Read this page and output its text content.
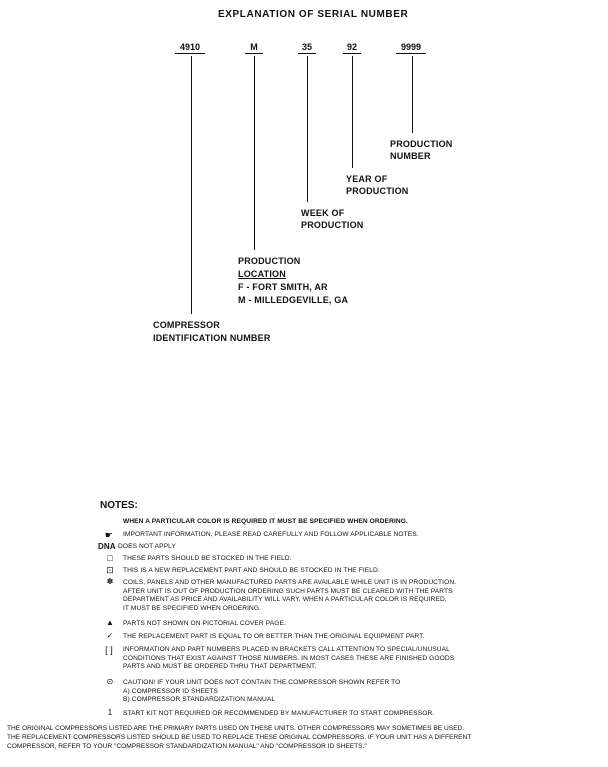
EXPLANATION OF SERIAL NUMBER
4910	M	35	92	9999
PRODUCTION
NUMBER
YEAR OF
PRODUCTION
WEEK OF
PRODUCTION
PRODUCTION
LOCATION
F - FORT SMITH, AR
M - MILLEDGEVILLE, GA
COMPRESSOR
IDENTIFICATION NUMBER
NOTES:
WHEN A PARTICULAR COLOR IS REQUIRED IT MUST BE SPECIFIED WHEN ORDERING.
☛ IMPORTANT INFORMATION, PLEASE READ CAREFULLY AND FOLLOW APPLICABLE NOTES.
DNA DOES NOT APPLY
□	THESE PARTS SHOULD BE STOCKED IN THE FIELD.
⊡	THIS IS A NEW REPLACEMENT PART AND SHOULD BE STOCKED IN THE FIELD.
✽	COILS, PANELS AND OTHER MANUFACTURED PARTS ARE AVAILABLE WHILE UNIT IS IN PRODUCTION.
AFTER UNIT IS OUT OF PRODUCTION ORDERING SUCH PARTS MUST BE CLEARED WITH THE PARTS
DEPARTMENT AS PRICE AND AVAILABILITY WILL VARY. WHEN A PARTICULAR COLOR IS REQUIRED,
IT MUST BE SPECIFIED WHEN ORDERING.
▲	PARTS NOT SHOWN ON PICTORIAL COVER PAGE.
✓	THE REPLACEMENT PART IS EQUAL TO OR BETTER THAN THE ORIGINAL EQUIPMENT PART.
[ ]	INFORMATION AND PART NUMBERS PLACED IN BRACKETS CALL ATTENTION TO SPECIAL/UNUSUAL
CONDITIONS THAT EXIST AGAINST THOSE NUMBERS. IN MOST CASES THESE ARE FINISHED GOODS
PARTS AND MUST BE ORDERED THRU THAT DEPARTMENT.
⊙	CAUTION! IF YOUR UNIT DOES NOT CONTAIN THE COMPRESSOR SHOWN REFER TO
A) COMPRESSOR ID SHEETS
B) COMPRESSOR STANDARDIZATION MANUAL
1	START KIT NOT REQUIRED OR RECOMMENDED BY MANUFACTURER TO START COMPRESSOR.
THE ORIGINAL COMPRESSORS LISTED ARE THE PRIMARY PARTS USED ON THESE UNITS. OTHER COMPRESSORS MAY SOMETIMES BE USED.
THE REPLACEMENT COMPRESSORS LISTED SHOULD BE USED TO REPLACE THESE ORIGINAL COMPRESSORS. IF YOUR UNIT HAS A DIFFERENT
COMPRESSOR, REFER TO YOUR "COMPRESSOR STANDARDIZATION MANUAL" AND "COMPRESSOR ID SHEETS."
